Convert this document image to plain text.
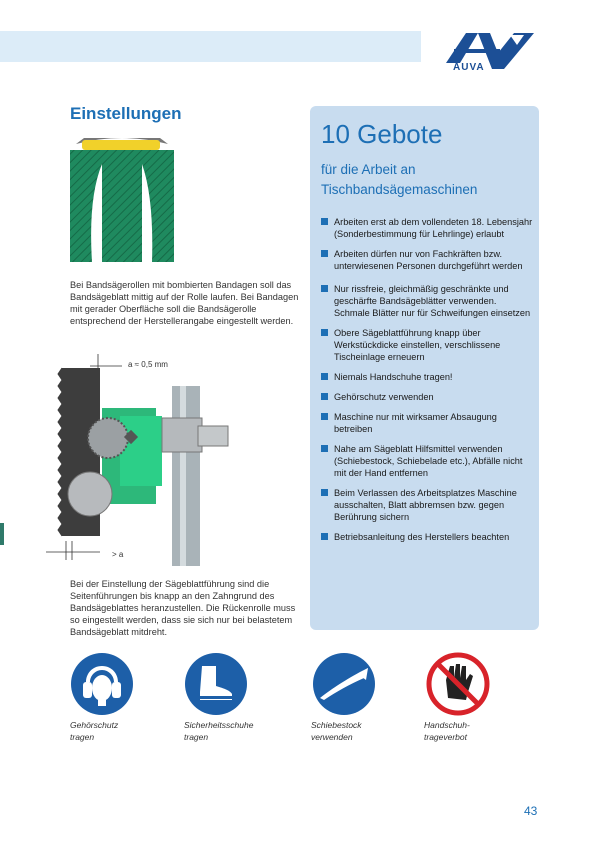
AUVA
Einstellungen
Bei Bandsägerollen mit bombierten Bandagen soll das Bandsägeblatt mittig auf der Rolle laufen. Bei Bandagen mit gerader Oberfläche soll die Bandsägerolle entsprechend der Herstellerangabe eingestellt werden.
a ≈ 0,5 mm
> a
Bei der Einstellung der Sägeblattführung sind die Seitenführungen bis knapp an den Zahngrund des Bandsägeblattes heranzustellen. Die Rückenrolle muss so eingestellt werden, dass sie sich nur bei belastetem Bandsägeblatt mitdreht.
10 Gebote
für die Arbeit an
Tischbandsägemaschinen
Arbeiten erst ab dem vollendeten 18. Lebensjahr (Sonderbestimmung für Lehrlinge) erlaubt
Arbeiten dürfen nur von Fachkräften bzw. unterwiesenen Personen durchgeführt werden
Nur rissfreie, gleichmäßig geschränkte und geschärfte Bandsägeblätter verwenden. Schmale Blätter nur für Schweifungen einsetzen
Obere Sägeblattführung knapp über Werkstückdicke einstellen, verschlissene Tischeinlage erneuern
Niemals Handschuhe tragen!
Gehörschutz verwenden
Maschine nur mit wirksamer Absaugung betreiben
Nahe am Sägeblatt Hilfsmittel verwenden (Schiebestock, Schiebelade etc.), Abfälle nicht mit der Hand entfernen
Beim Verlassen des Arbeitsplatzes Maschine ausschalten, Blatt abbremsen bzw. gegen Berührung sichern
Betriebsanleitung des Herstellers beachten
Gehörschutz
tragen
Sicherheitsschuhe
tragen
Schiebestock
verwenden
Handschuh-
trageverbot
43
